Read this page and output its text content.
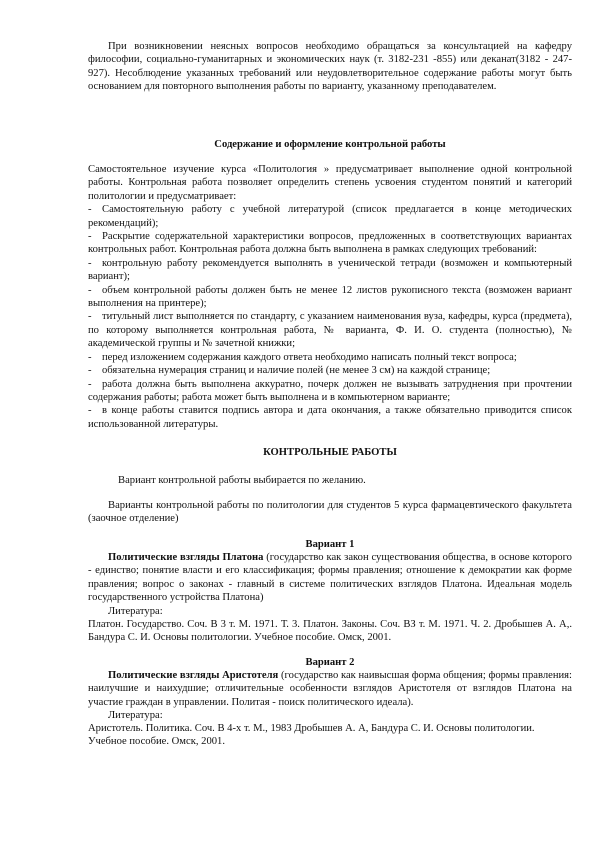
При возникновении неясных вопросов необходимо обращаться за консультацией на кафедру философии, социально-гуманитарных и экономических наук (т. 3182-231 -855) или деканат(3182 - 247-927). Несоблюдение указанных требований или неудовлетворительное содержание работы могут быть основанием для повторного выполнения работы по варианту, указанному преподавателем.

Содержание и оформление контрольной работы

Самостоятельное изучение курса «Политология » предусматривает выполнение одной контрольной работы. Контрольная работа позволяет определить степень усвоения студентом понятий и категорий политологии и предусматривает:

- Самостоятельную работу с учебной литературой (список предлагается в конце методических рекомендаций);

- Раскрытие содержательной характеристики вопросов, предложенных в соответствующих вариантах контрольных работ. Контрольная работа должна быть выполнена в рамках следующих требований:

- контрольную работу рекомендуется выполнять в ученической тетради (возможен и компьютерный вариант);

- объем контрольной работы должен быть не менее 12 листов рукописного текста (возможен вариант выполнения на принтере);

- титульный лист выполняется по стандарту, с указанием наименования вуза, кафедры, курса (предмета), по которому выполняется контрольная работа, № варианта, Ф. И. О. студента (полностью), № академической группы и № зачетной книжки;

- перед изложением содержания каждого ответа необходимо написать полный текст вопроса;

- обязательна нумерация страниц и наличие полей (не менее 3 см) на каждой странице;

- работа должна быть выполнена аккуратно, почерк должен не вызывать затруднения при прочтении содержания работы; работа может быть выполнена и в компьютерном варианте;

- в конце работы ставится подпись автора и дата окончания, а также обязательно приводится список использованной литературы.

КОНТРОЛЬНЫЕ РАБОТЫ

Вариант контрольной работы выбирается по желанию.

Варианты контрольной работы по политологии для студентов 5 курса фармацевтического факультета (заочное отделение)

Вариант 1

Политические взгляды Платона (государство как закон существования общества, в основе которого - единство; понятие власти и его классификация; формы правления; отношение к демократии как форме правления; вопрос о законах - главный в системе политических взглядов Платона. Идеальная модель государственного устройства Платона)

Литература:

Платон. Государство. Соч. В 3 т. М. 1971. Т. 3. Платон. Законы. Соч. ВЗ т. М. 1971. Ч. 2. Дробышев А. А,. Бандура С. И. Основы политологии. Учебное пособие. Омск, 2001.

Вариант 2

Политические взгляды Аристотеля (государство как наивысшая форма общения; формы правления: наилучшие и наихудшие; отличительные особенности взглядов Аристотеля от взглядов Платона на участие граждан в управлении. Политая - поиск политического идеала).

Литература:

Аристотель. Политика. Соч. В 4-х т. М., 1983 Дробышев А. А, Бандура С. И. Основы политологии. Учебное пособие. Омск, 2001.
